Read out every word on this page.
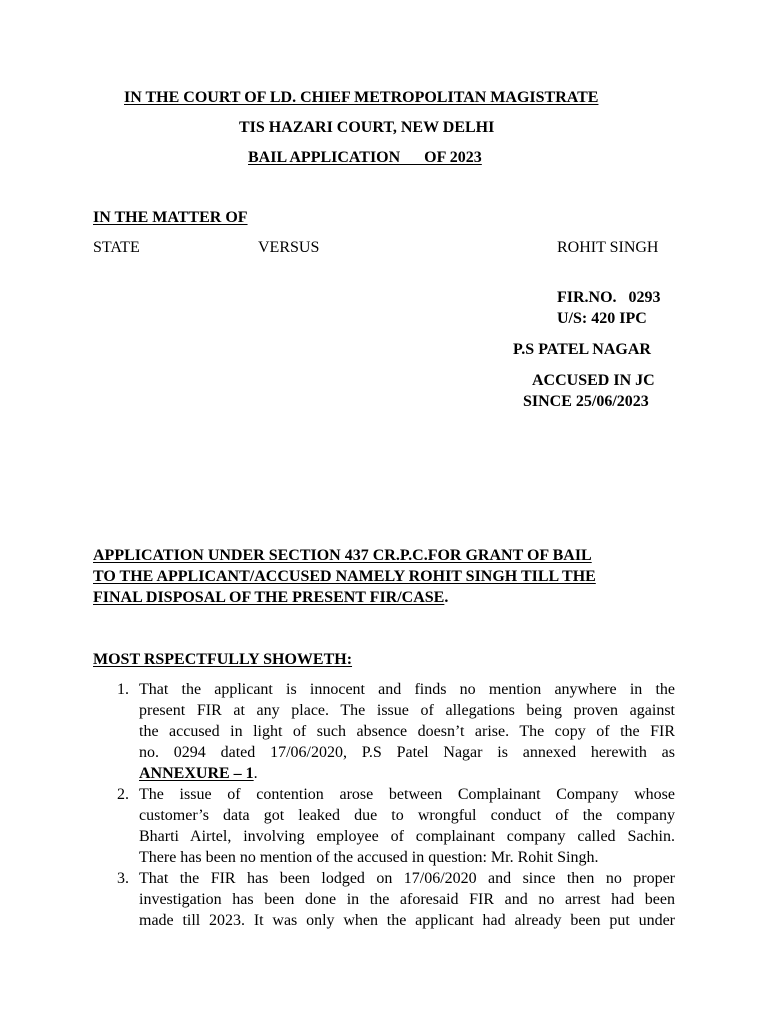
IN THE COURT OF LD. CHIEF METROPOLITAN MAGISTRATE
TIS HAZARI COURT, NEW DELHI
BAIL APPLICATION      OF 2023
IN THE MATTER OF
STATE	VERSUS	ROHIT SINGH
FIR.NO.   0293
U/S: 420 IPC
P.S PATEL NAGAR
ACCUSED IN JC
SINCE 25/06/2023
APPLICATION UNDER SECTION 437 CR.P.C.FOR GRANT OF BAIL
TO THE APPLICANT/ACCUSED NAMELY ROHIT SINGH TILL THE
FINAL DISPOSAL OF THE PRESENT FIR/CASE.
MOST RSPECTFULLY SHOWETH:
1. That the applicant is innocent and finds no mention anywhere in the
present FIR at any place. The issue of allegations being proven against
the accused in light of such absence doesn’t arise. The copy of the FIR
no. 0294 dated 17/06/2020, P.S Patel Nagar is annexed herewith as
ANNEXURE – 1.
2. The issue of contention arose between Complainant Company whose
customer’s data got leaked due to wrongful conduct of the company
Bharti Airtel, involving employee of complainant company called Sachin.
There has been no mention of the accused in question: Mr. Rohit Singh.
3. That the FIR has been lodged on 17/06/2020 and since then no proper
investigation has been done in the aforesaid FIR and no arrest had been
made till 2023. It was only when the applicant had already been put under
